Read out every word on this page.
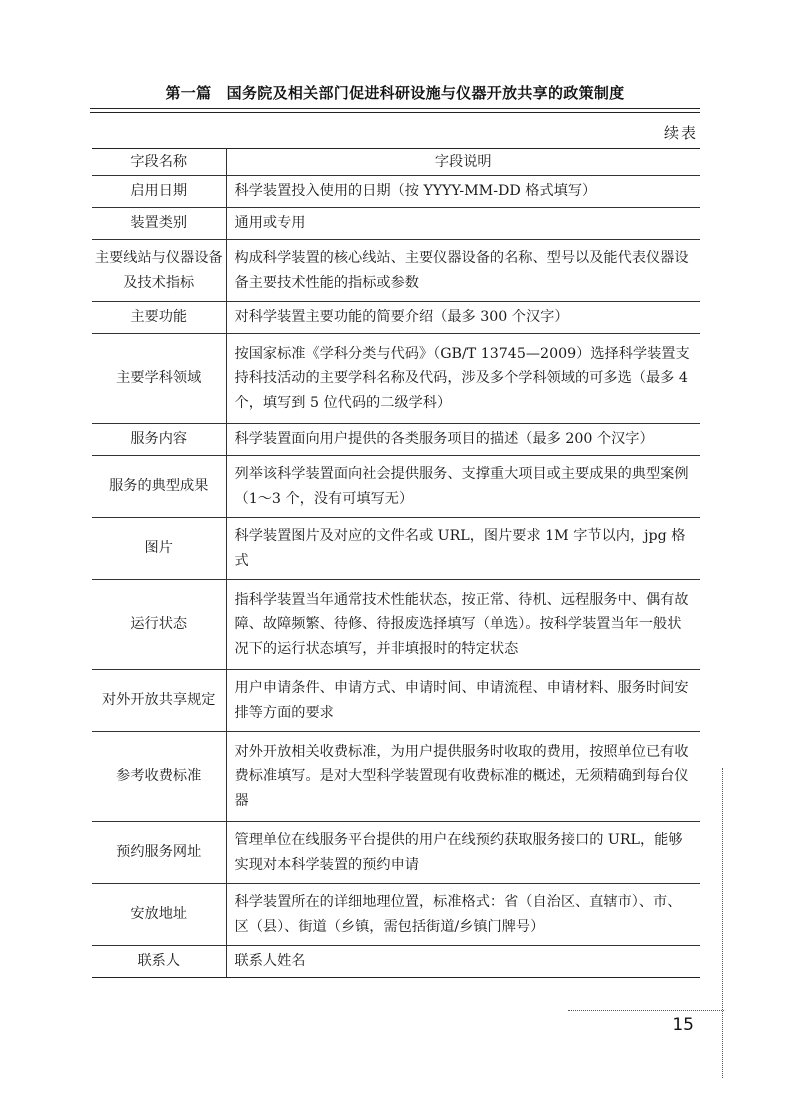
第一篇　国务院及相关部门促进科研设施与仪器开放共享的政策制度
续表
字段名称	字段说明
启用日期	科学装置投入使用的日期（按 YYYY-MM-DD 格式填写）
装置类别	通用或专用
主要线站与仪器设备及技术指标	构成科学装置的核心线站、主要仪器设备的名称、型号以及能代表仪器设备主要技术性能的指标或参数
主要功能	对科学装置主要功能的简要介绍（最多 300 个汉字）
主要学科领域	按国家标准《学科分类与代码》（GB/T 13745—2009）选择科学装置支持科技活动的主要学科名称及代码，涉及多个学科领域的可多选（最多 4 个，填写到 5 位代码的二级学科）
服务内容	科学装置面向用户提供的各类服务项目的描述（最多 200 个汉字）
服务的典型成果	列举该科学装置面向社会提供服务、支撑重大项目或主要成果的典型案例（1～3 个，没有可填写无）
图片	科学装置图片及对应的文件名或 URL，图片要求 1M 字节以内，jpg 格式
运行状态	指科学装置当年通常技术性能状态，按正常、待机、远程服务中、偶有故障、故障频繁、待修、待报废选择填写（单选）。按科学装置当年一般状况下的运行状态填写，并非填报时的特定状态
对外开放共享规定	用户申请条件、申请方式、申请时间、申请流程、申请材料、服务时间安排等方面的要求
参考收费标准	对外开放相关收费标准，为用户提供服务时收取的费用，按照单位已有收费标准填写。是对大型科学装置现有收费标准的概述，无须精确到每台仪器
预约服务网址	管理单位在线服务平台提供的用户在线预约获取服务接口的 URL，能够实现对本科学装置的预约申请
安放地址	科学装置所在的详细地理位置，标准格式：省（自治区、直辖市）、市、区（县）、街道（乡镇，需包括街道/乡镇门牌号）
联系人	联系人姓名
15
